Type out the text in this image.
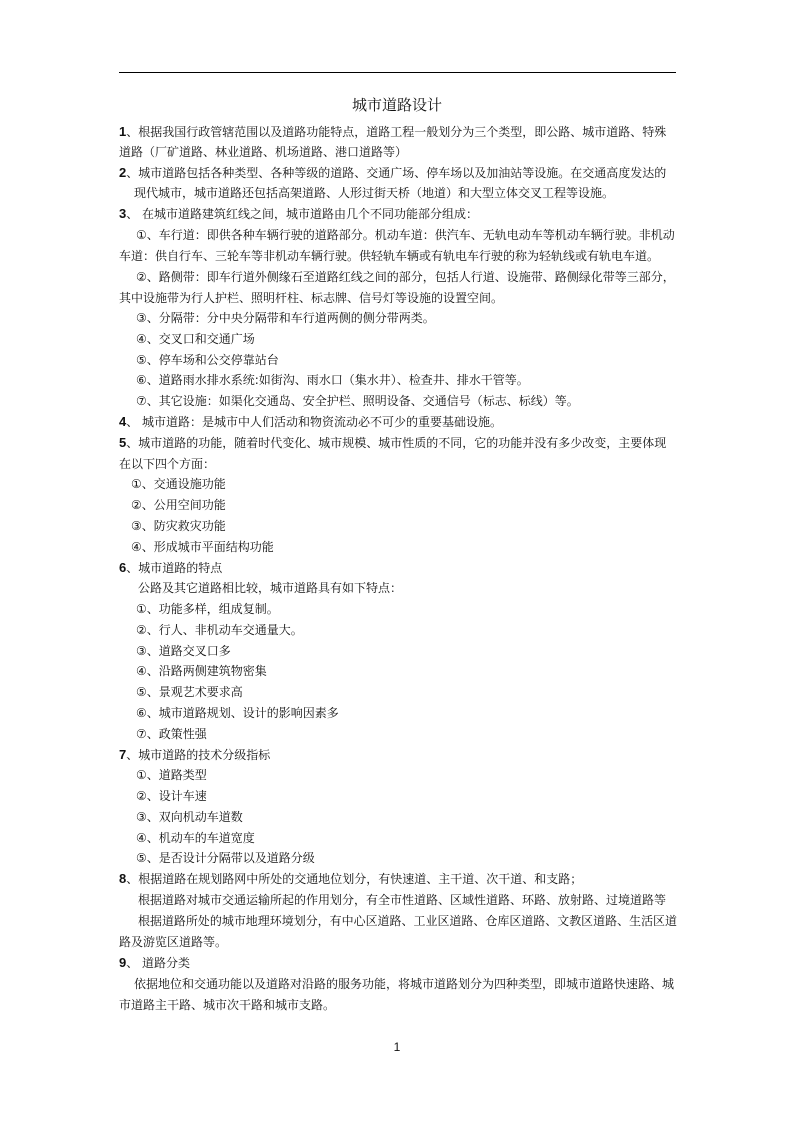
城市道路设计
1、根据我国行政管辖范围以及道路功能特点，道路工程一般划分为三个类型，即公路、城市道路、特殊
道路（厂矿道路、林业道路、机场道路、港口道路等）
2、城市道路包括各种类型、各种等级的道路、交通广场、停车场以及加油站等设施。在交通高度发达的
现代城市，城市道路还包括高架道路、人形过街天桥（地道）和大型立体交叉工程等设施。
3、 在城市道路建筑红线之间，城市道路由几个不同功能部分组成：
①、车行道：即供各种车辆行驶的道路部分。机动车道：供汽车、无轨电动车等机动车辆行驶。非机动
车道：供自行车、三轮车等非机动车辆行驶。供轻轨车辆或有轨电车行驶的称为轻轨线或有轨电车道。
②、路侧带：即车行道外侧缘石至道路红线之间的部分，包括人行道、设施带、路侧绿化带等三部分，
其中设施带为行人护栏、照明杆柱、标志牌、信号灯等设施的设置空间。
③、分隔带：分中央分隔带和车行道两侧的侧分带两类。
④、交叉口和交通广场
⑤、停车场和公交停靠站台
⑥、道路雨水排水系统:如街沟、雨水口（集水井）、检查井、排水干管等。
⑦、其它设施：如渠化交通岛、安全护栏、照明设备、交通信号（标志、标线）等。
4、 城市道路：是城市中人们活动和物资流动必不可少的重要基础设施。
5、城市道路的功能，随着时代变化、城市规模、城市性质的不同，它的功能并没有多少改变，主要体现
在以下四个方面：
①、交通设施功能
②、公用空间功能
③、防灾救灾功能
④、形成城市平面结构功能
6、城市道路的特点
公路及其它道路相比较，城市道路具有如下特点：
①、功能多样，组成复制。
②、行人、非机动车交通量大。
③、道路交叉口多
④、沿路两侧建筑物密集
⑤、景观艺术要求高
⑥、城市道路规划、设计的影响因素多
⑦、政策性强
7、城市道路的技术分级指标
①、道路类型
②、设计车速
③、双向机动车道数
④、机动车的车道宽度
⑤、是否设计分隔带以及道路分级
8、根据道路在规划路网中所处的交通地位划分，有快速道、主干道、次干道、和支路；
根据道路对城市交通运输所起的作用划分，有全市性道路、区域性道路、环路、放射路、过境道路等
根据道路所处的城市地理环境划分，有中心区道路、工业区道路、仓库区道路、文教区道路、生活区道
路及游览区道路等。
9、 道路分类
依据地位和交通功能以及道路对沿路的服务功能，将城市道路划分为四种类型，即城市道路快速路、城
市道路主干路、城市次干路和城市支路。
1
